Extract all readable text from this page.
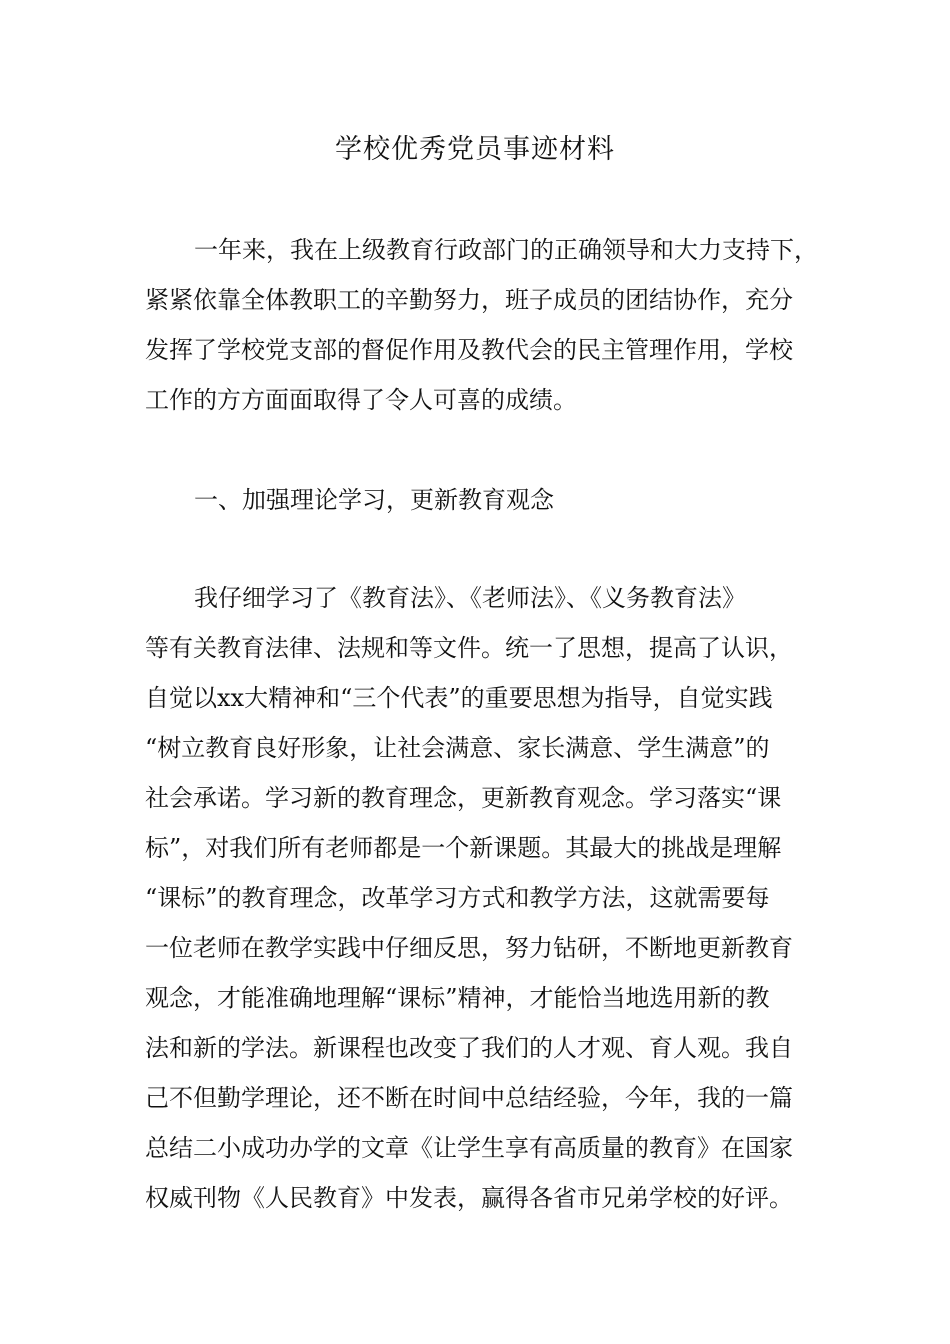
学校优秀党员事迹材料
一年来，我在上级教育行政部门的正确领导和大力支持下，
紧紧依靠全体教职工的辛勤努力，班子成员的团结协作，充分
发挥了学校党支部的督促作用及教代会的民主管理作用，学校
工作的方方面面取得了令人可喜的成绩。
一、加强理论学习，更新教育观念
我仔细学习了《教育法》、《老师法》、《义务教育法》
等有关教育法律、法规和等文件。统一了思想，提高了认识，
自觉以xx大精神和“三个代表”的重要思想为指导，自觉实践
“树立教育良好形象，让社会满意、家长满意、学生满意”的
社会承诺。学习新的教育理念，更新教育观念。学习落实“课
标”，对我们所有老师都是一个新课题。其最大的挑战是理解
“课标”的教育理念，改革学习方式和教学方法，这就需要每
一位老师在教学实践中仔细反思，努力钻研，不断地更新教育
观念，才能准确地理解“课标”精神，才能恰当地选用新的教
法和新的学法。新课程也改变了我们的人才观、育人观。我自
己不但勤学理论，还不断在时间中总结经验，今年，我的一篇
总结二小成功办学的文章《让学生享有高质量的教育》在国家
权威刊物《人民教育》中发表，赢得各省市兄弟学校的好评。
